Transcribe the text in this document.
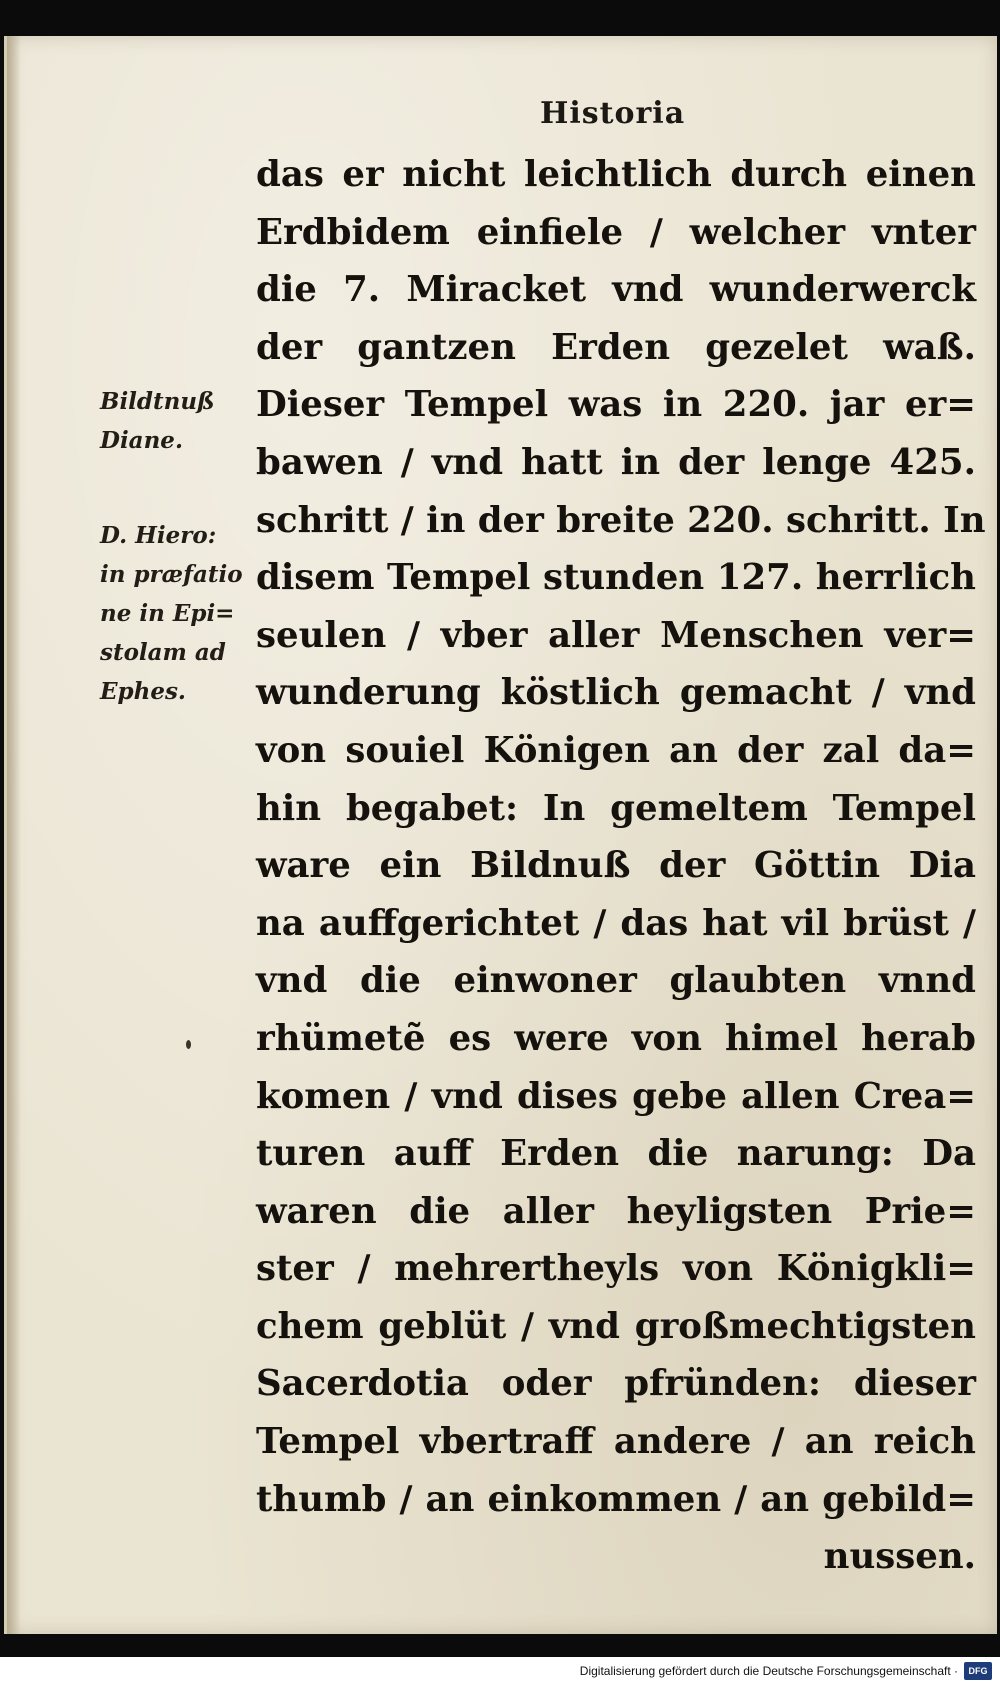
Historia
Bildtnuß
Diane.
D. Hiero:
in præfatio
ne in Epi=
stolam ad
Ephes.
das er nicht leichtlich durch einen
Erdbidem einfiele / welcher vnter
die 7. Miracket vnd wunderwerck
der gantzen Erden gezelet waß.
Dieser Tempel was in 220. jar er=
bawen / vnd hatt in der lenge 425.
schritt / in der breite 220. schritt. In
disem Tempel stunden 127. herrlich
seulen / vber aller Menschen ver=
wunderung köstlich gemacht / vnd
von souiel Königen an der zal da=
hin begabet: In gemeltem Tempel
ware ein Bildnuß der Göttin Dia
na auffgerichtet / das hat vil brüst /
vnd die einwoner glaubten vnnd
rhümetẽ es were von himel herab
komen / vnd dises gebe allen Crea=
turen auff Erden die narung: Da
waren die aller heyligsten Prie=
ster / mehrertheyls von Königkli=
chem geblüt / vnd großmechtigsten
Sacerdotia oder pfründen: dieser
Tempel vbertraff andere / an reich
thumb / an einkommen / an gebild=
nussen.
Digitalisierung gefördert durch die Deutsche Forschungsgemeinschaft ·	DFG
